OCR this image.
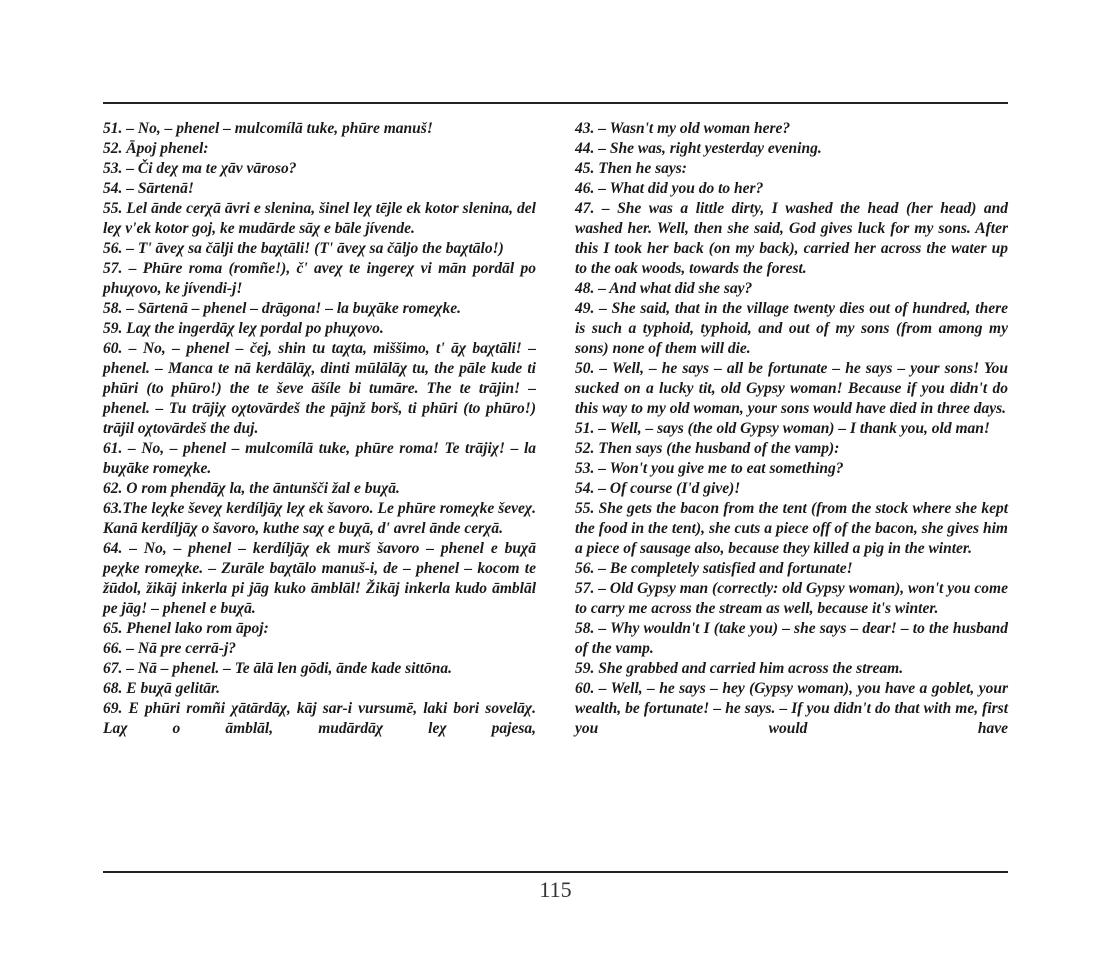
51. – No, – phenel – mulcomílā tuke, phūre manuš!

52. Āpoj phenel:

53. – Či deχ ma te χāv vāroso?

54. – Sārtenā!

55. Lel ānde cerχā āvri e slenina, šinel leχ tējle ek kotor slenina, del leχ v'ek kotor goj, ke mudārde sāχ e bāle jívende.

56. – T' āveχ sa čālji the baχtāli! (T' āveχ sa čāljo the baχtālo!)

57. – Phūre roma (romñe!), č' aveχ te ingereχ vi mān pordāl po phuχovo, ke jívendi-j!

58. – Sārtenā – phenel – drāgona! – la buχāke romeχke.

59. Laχ the ingerdāχ leχ pordal po phuχovo.

60. – No, – phenel – čej, shin tu taχta, miššimo, t' āχ baχtāli! – phenel. – Manca te nā kerdālāχ, dinti mūlālāχ tu, the pāle kude ti phūri (to phūro!) the te ševe āšíle bi tumāre. The te trājin! – phenel. – Tu trājiχ oχtovārdeš the pājnž borš, ti phūri (to phūro!) trājil oχtovārdeš the duj.

61. – No, – phenel – mulcomílā tuke, phūre roma! Te trājiχ! – la buχāke romeχke.

62. O rom phendāχ la, the āntunšči žal e buχā.

63.The leχke ševeχ kerdíljāχ leχ ek šavoro. Le phūre romeχke ševeχ. Kanā kerdíljāχ o šavoro, kuthe saχ e buχā, d' avrel ānde cerχā.

64. – No, – phenel – kerdíljāχ ek murš šavoro – phenel e buχā peχke romeχke. – Zurāle baχtālo manuš-i, de – phenel – kocom te žūdol, žikāj inkerla pi jāg kuko āmblāl! Žikāj inkerla kudo āmblāl pe jāg! – phenel e buχā.

65. Phenel lako rom āpoj:

66. – Nā pre cerrā-j?

67. – Nā – phenel. – Te ālā len gōdi, ānde kade sittōna.

68. E buχā gelitār.

69. E phūri romñi χātārdāχ, kāj sar-i vursumē, laki bori sovelāχ. Laχ o āmblāl, mudārdāχ leχ pajesa,

43. – Wasn't my old woman here?

44. – She was, right yesterday evening.

45. Then he says:

46. – What did you do to her?

47. – She was a little dirty, I washed the head (her head) and washed her. Well, then she said, God gives luck for my sons. After this I took her back (on my back), carried her across the water up to the oak woods, towards the forest.

48. – And what did she say?

49. – She said, that in the village twenty dies out of hundred, there is such a typhoid, typhoid, and out of my sons (from among my sons) none of them will die.

50. – Well, – he says – all be fortunate – he says – your sons! You sucked on a lucky tit, old Gypsy woman! Because if you didn't do this way to my old woman, your sons would have died in three days.

51. – Well, – says (the old Gypsy woman) – I thank you, old man!

52. Then says (the husband of the vamp):

53. – Won't you give me to eat something?

54. – Of course (I'd give)!

55. She gets the bacon from the tent (from the stock where she kept the food in the tent), she cuts a piece off of the bacon, she gives him a piece of sausage also, because they killed a pig in the winter.

56. – Be completely satisfied and fortunate!

57. – Old Gypsy man (correctly: old Gypsy woman), won't you come to carry me across the stream as well, because it's winter.

58. – Why wouldn't I (take you) – she says – dear! – to the husband of the vamp.

59. She grabbed and carried him across the stream.

60. – Well, – he says – hey (Gypsy woman), you have a goblet, your wealth, be fortunate! – he says. – If you didn't do that with me, first you would have

115
